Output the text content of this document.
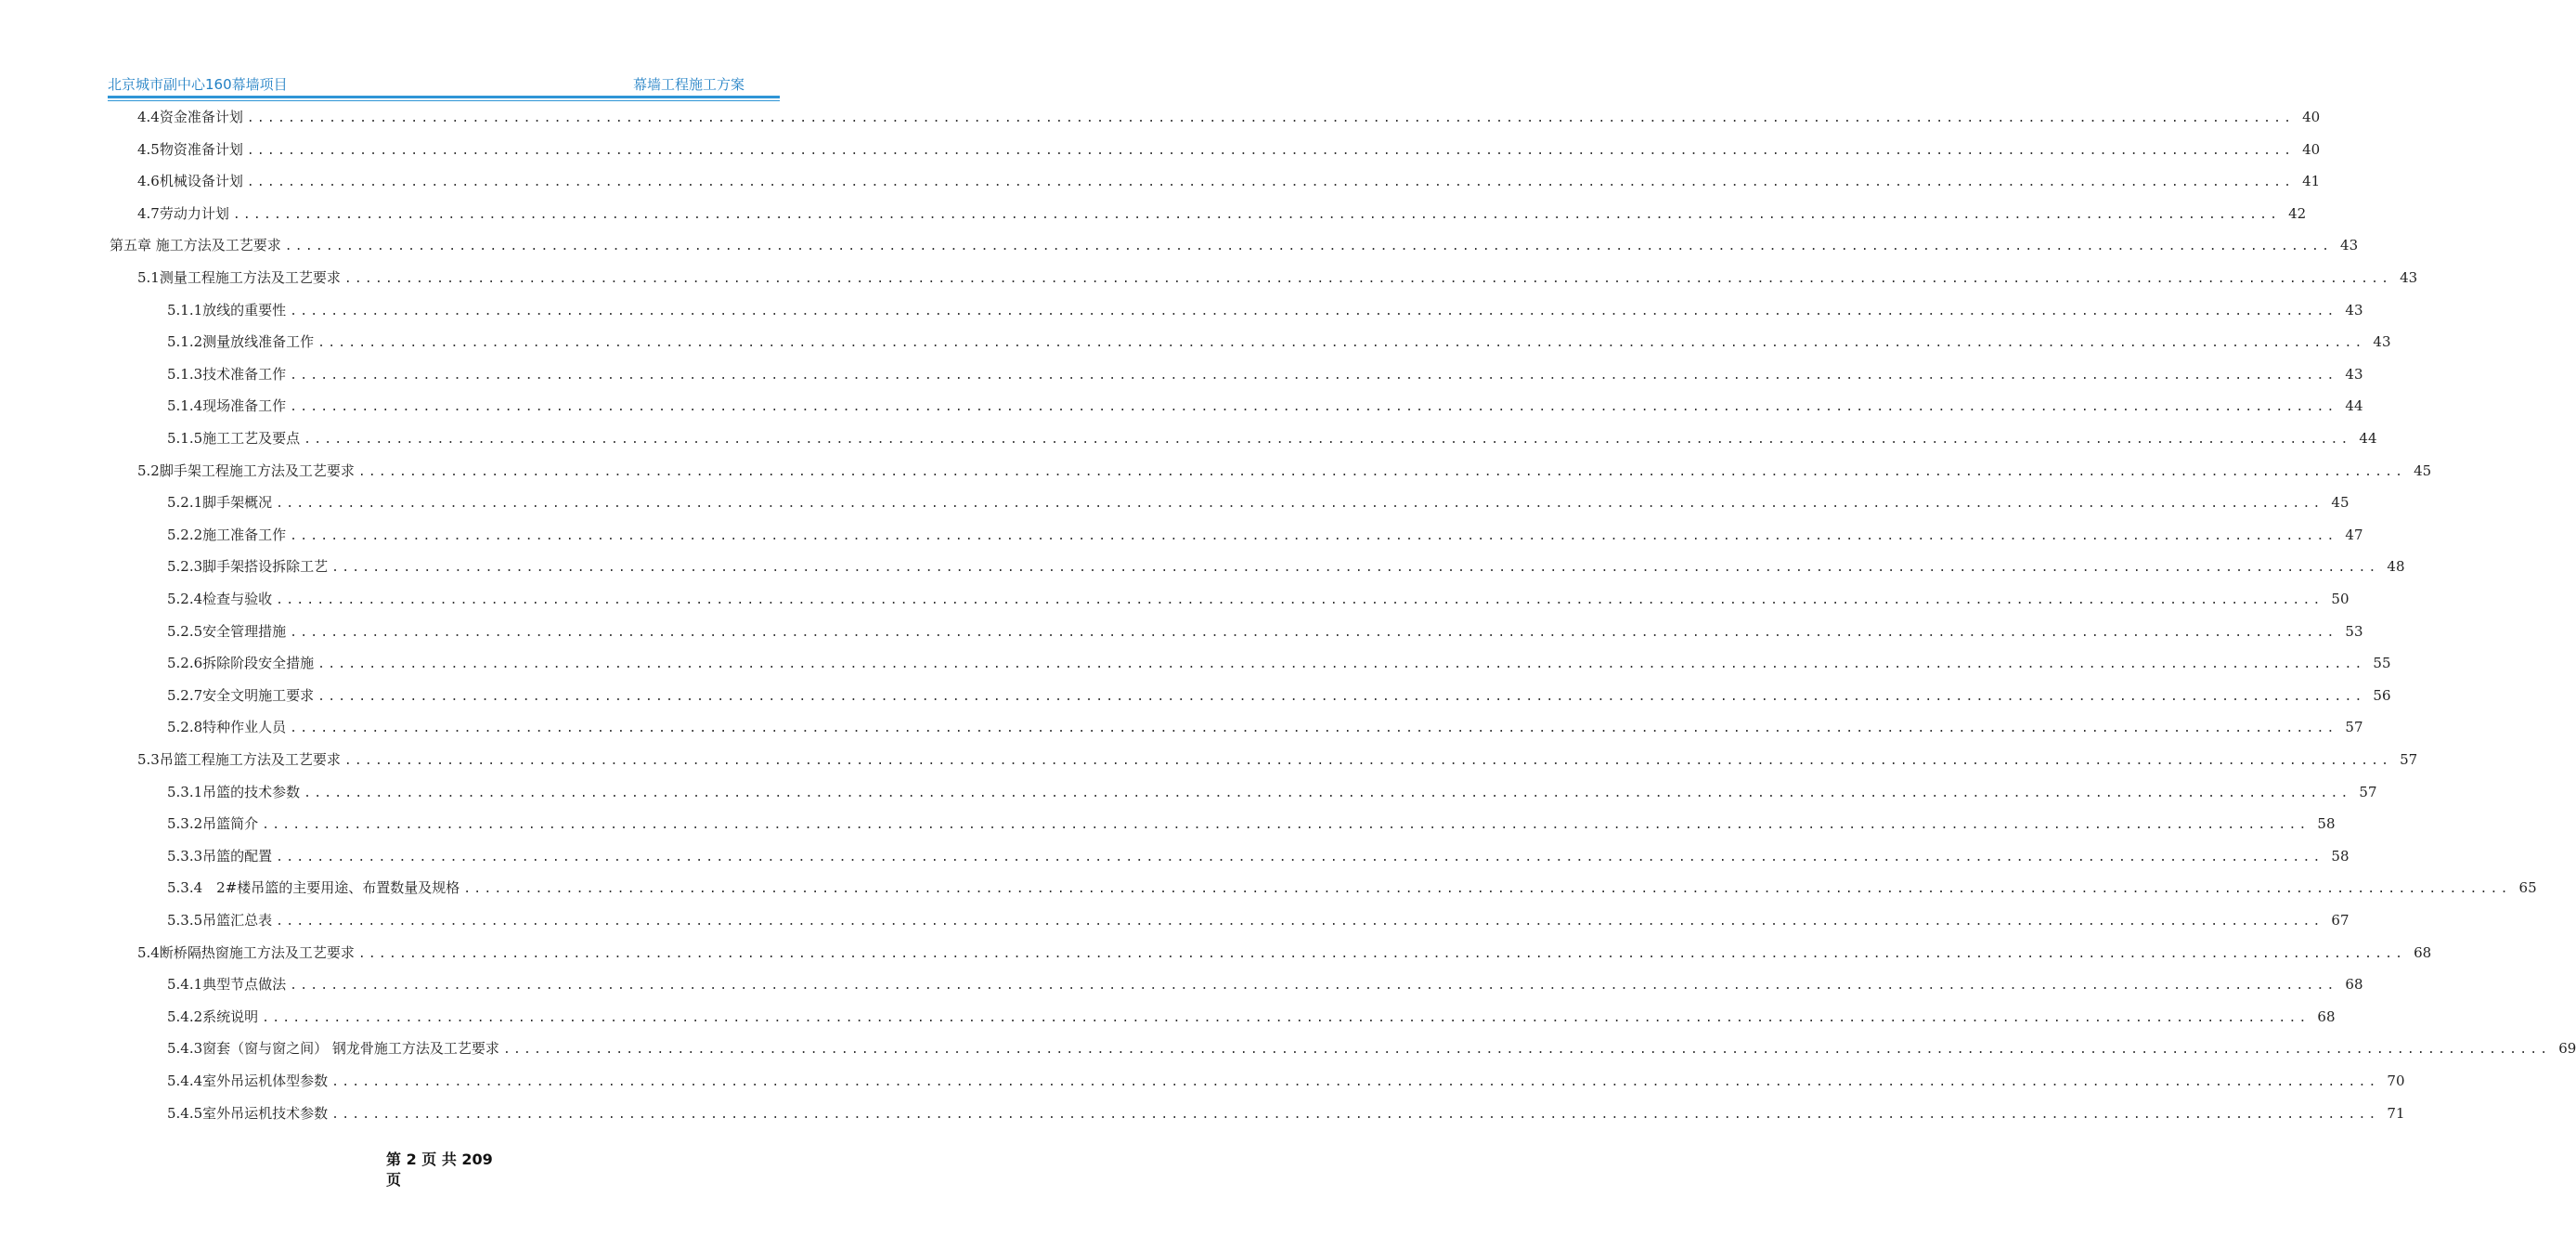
北京城市副中心160幕墙项目	幕墙工程施工方案
4.4资金准备计划 ........................................................................................................................................................................................................ 40
4.5物资准备计划 ........................................................................................................................................................................................................ 40
4.6机械设备计划 ........................................................................................................................................................................................................ 41
4.7劳动力计划 ........................................................................................................................................................................................................ 42
第五章 施工方法及工艺要求 ........................................................................................................................................................................................................ 43
5.1测量工程施工方法及工艺要求 ........................................................................................................................................................................................................ 43
5.1.1放线的重要性 ........................................................................................................................................................................................................ 43
5.1.2测量放线准备工作 ........................................................................................................................................................................................................ 43
5.1.3技术准备工作 ........................................................................................................................................................................................................ 43
5.1.4现场准备工作 ........................................................................................................................................................................................................ 44
5.1.5施工工艺及要点 ........................................................................................................................................................................................................ 44
5.2脚手架工程施工方法及工艺要求 ........................................................................................................................................................................................................ 45
5.2.1脚手架概况 ........................................................................................................................................................................................................ 45
5.2.2施工准备工作 ........................................................................................................................................................................................................ 47
5.2.3脚手架搭设拆除工艺 ........................................................................................................................................................................................................ 48
5.2.4检查与验收 ........................................................................................................................................................................................................ 50
5.2.5安全管理措施 ........................................................................................................................................................................................................ 53
5.2.6拆除阶段安全措施 ........................................................................................................................................................................................................ 55
5.2.7安全文明施工要求 ........................................................................................................................................................................................................ 56
5.2.8特种作业人员 ........................................................................................................................................................................................................ 57
5.3吊篮工程施工方法及工艺要求 ........................................................................................................................................................................................................ 57
5.3.1吊篮的技术参数 ........................................................................................................................................................................................................ 57
5.3.2吊篮简介 ........................................................................................................................................................................................................ 58
5.3.3吊篮的配置 ........................................................................................................................................................................................................ 58
5.3.4　2#楼吊篮的主要用途、布置数量及规格 ........................................................................................................................................................................................................ 65
5.3.5吊篮汇总表 ........................................................................................................................................................................................................ 67
5.4断桥隔热窗施工方法及工艺要求 ........................................................................................................................................................................................................ 68
5.4.1典型节点做法 ........................................................................................................................................................................................................ 68
5.4.2系统说明 ........................................................................................................................................................................................................ 68
5.4.3窗套（窗与窗之间） 钢龙骨施工方法及工艺要求 ........................................................................................................................................................................................................ 69
5.4.4室外吊运机体型参数 ........................................................................................................................................................................................................ 70
5.4.5室外吊运机技术参数 ........................................................................................................................................................................................................ 71
第 2 页 共 209 页
